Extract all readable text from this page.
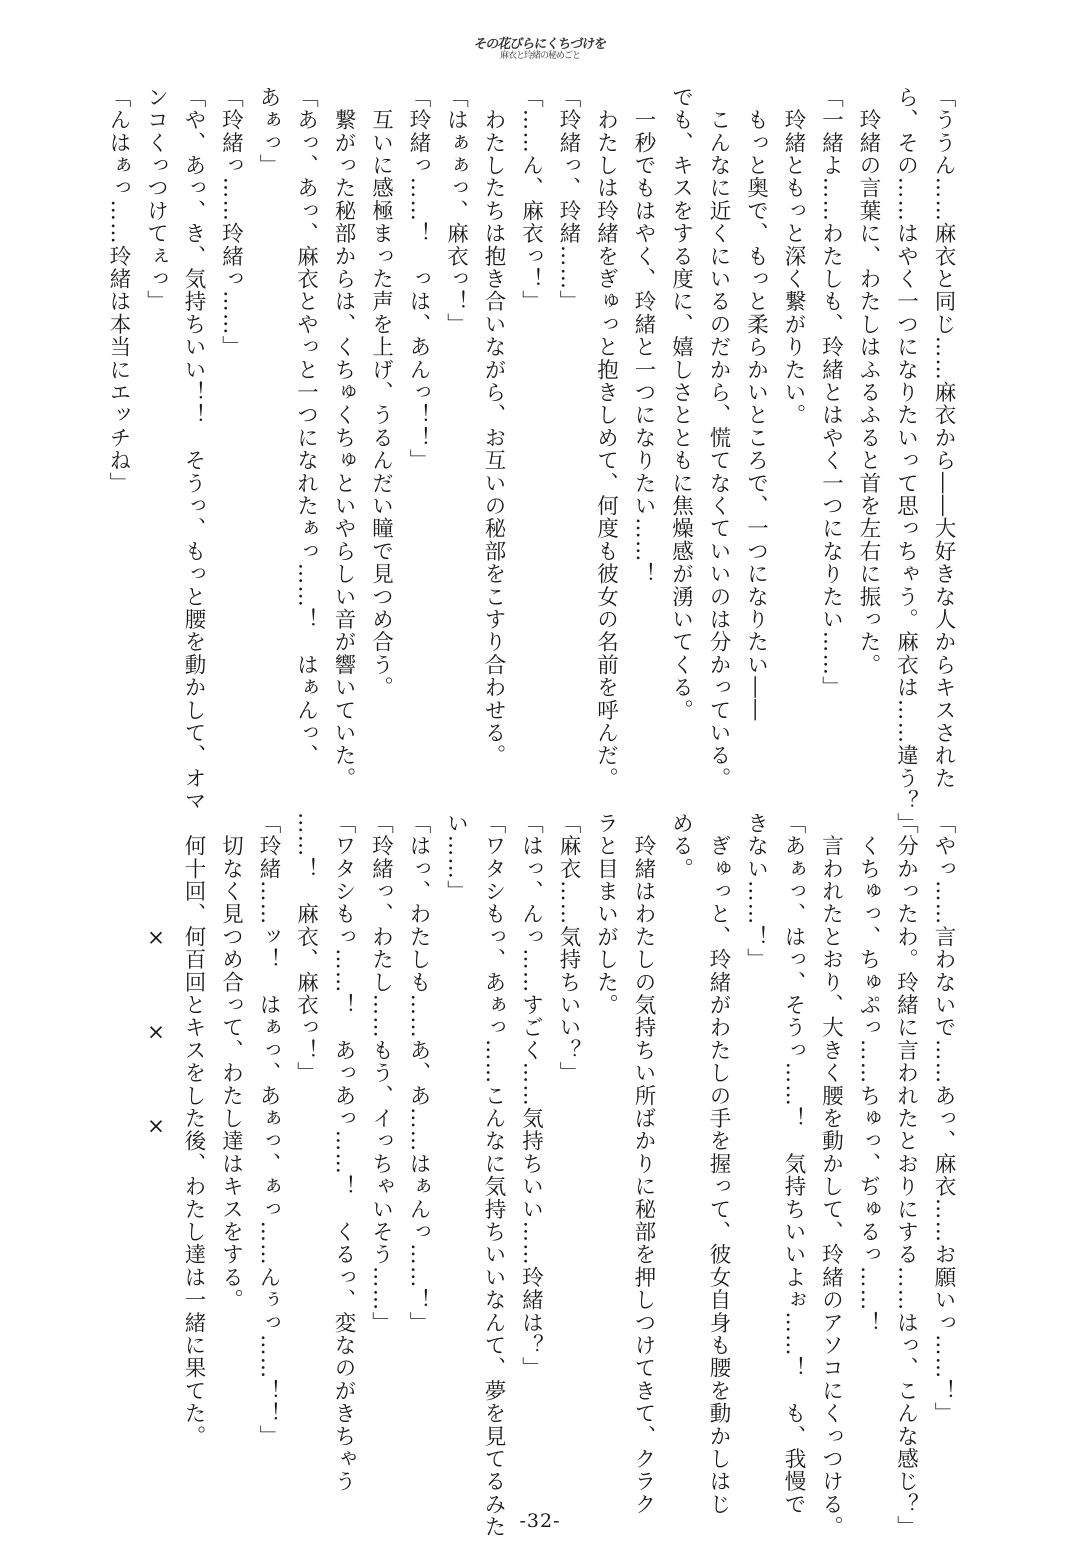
その花びらにくちづけを
麻衣と玲緒の秘めごと
「ううん……麻衣と同じ……麻衣から――大好きな人からキスされた
ら、その……はやく一つになりたいって思っちゃう。麻衣は……違う？」
　玲緒の言葉に、わたしはふるふると首を左右に振った。
「一緒よ……わたしも、玲緒とはやく一つになりたい……」
　玲緒ともっと深く繋がりたい。
　もっと奥で、もっと柔らかいところで、一つになりたい――
　こんなに近くにいるのだから、慌てなくていいのは分かっている。
でも、キスをする度に、嬉しさとともに焦燥感が湧いてくる。
　一秒でもはやく、玲緒と一つになりたい……！
　わたしは玲緒をぎゅっと抱きしめて、何度も彼女の名前を呼んだ。
「玲緒っ、玲緒……」
「……ん、麻衣っ！」
　わたしたちは抱き合いながら、お互いの秘部をこすり合わせる。
「はぁぁっ、麻衣っ！」
「玲緒っ……！　っは、あんっ！！」
　互いに感極まった声を上げ、うるんだい瞳で見つめ合う。
　繋がった秘部からは、くちゅくちゅといやらしい音が響いていた。
「あっ、あっ、麻衣とやっと一つになれたぁっ……！　はぁんっ、
あぁっ」
「玲緒っ……玲緒っ……」
「や、あっ、き、気持ちいい！！　そうっ、もっと腰を動かして、オマ
ンコくっつけてぇっ」
「んはぁっ……玲緒は本当にエッチね」
「やっ……言わないで……あっ、麻衣……お願いっ……！」
「分かったわ。玲緒に言われたとおりにする……はっ、こんな感じ？」
　くちゅっ、ちゅぷっ……ちゅっ、ぢゅるっ……！
　言われたとおり、大きく腰を動かして、玲緒のアソコにくっつける。
「あぁっ、はっ、そうっ……！　気持ちいいよぉ……！　も、我慢で
きない……！」
　ぎゅっと、玲緒がわたしの手を握って、彼女自身も腰を動かしはじ
める。
　玲緒はわたしの気持ちい所ばかりに秘部を押しつけてきて、クラク
ラと目まいがした。
「麻衣……気持ちいい？」
「はっ、んっ……すごく……気持ちいい……玲緒は？」
「ワタシもっ、あぁっ……こんなに気持ちいいなんて、夢を見てるみた
い……」
「はっ、わたしも……あ、あ……はぁんっ……！」
「玲緒っ、わたし……もう、イっちゃいそう……」
「ワタシもっ……！　あっあっ……！　くるっ、変なのがきちゃう
……！　麻衣、麻衣っ！」
「玲緒……ッ！　はぁっ、あぁっ、ぁっ……んぅっ……！！」
　切なく見つめ合って、わたし達はキスをする。
　何十回、何百回とキスをした後、わたし達は一緒に果てた。
　　　　　×　　　×　　　×
-32-
